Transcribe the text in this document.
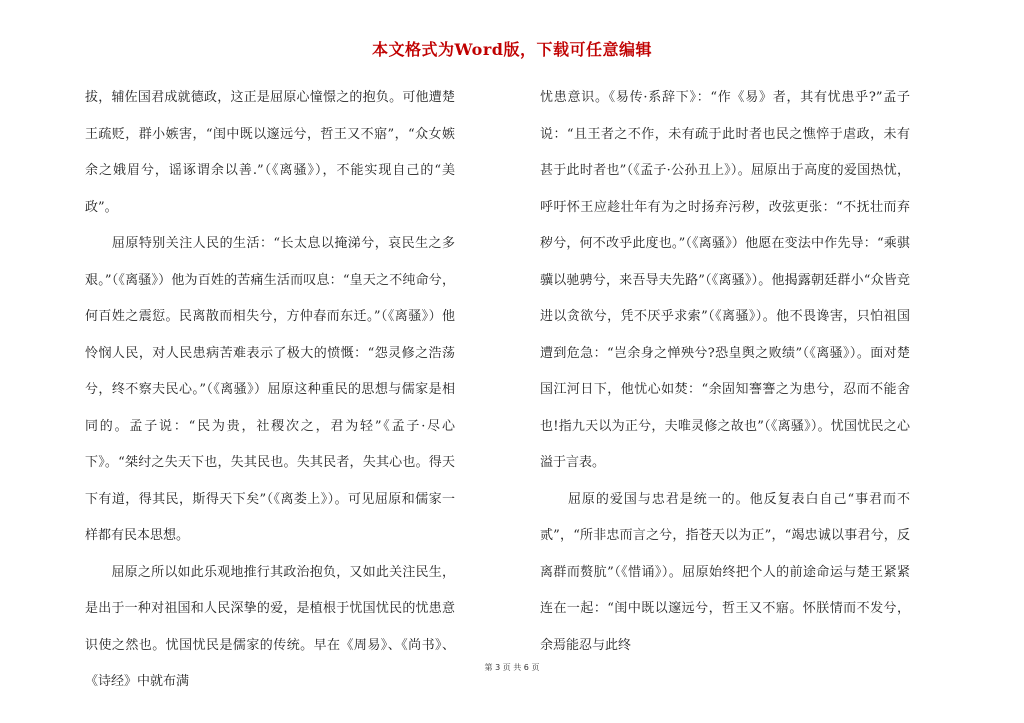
本文格式为Word版，下载可任意编辑

拔，辅佐国君成就德政，这正是屈原心憧憬之的抱负。可他遭楚王疏贬，群小嫉害，“闺中既以邃远兮，哲王又不寤”，“众女嫉余之娥眉兮，谣诼谓余以善.”（《离骚》），不能实现自己的“美政”。

　　屈原特别关注人民的生活：“长太息以掩涕兮，哀民生之多艰。”（《离骚》）他为百姓的苦痛生活而叹息：“皇天之不纯命兮，何百姓之震愆。民离散而相失兮，方仲春而东迁。”（《离骚》）他怜悯人民，对人民患病苦难表示了极大的愤慨：“怨灵修之浩荡兮，终不察夫民心。”（《离骚》）屈原这种重民的思想与儒家是相同的。孟子说：“民为贵，社稷次之，君为轻”《孟子·尽心下》。“桀纣之失天下也，失其民也。失其民者，失其心也。得天下有道，得其民，斯得天下矣”（《离娄上》）。可见屈原和儒家一样都有民本思想。

　　屈原之所以如此乐观地推行其政治抱负，又如此关注民生，是出于一种对祖国和人民深挚的爱，是植根于忧国忧民的忧患意识使之然也。忧国忧民是儒家的传统。早在《周易》、《尚书》、《诗经》中就布满

忧患意识。《易传·系辞下》：“作《易》者，其有忧患乎?”孟子说：“且王者之不作，未有疏于此时者也民之憔悴于虐政，未有甚于此时者也”（《孟子·公孙丑上》）。屈原出于高度的爱国热忧，呼吁怀王应趁壮年有为之时扬弃污秽，改弦更张：“不抚壮而弃秽兮，何不改乎此度也。”（《离骚》）他愿在变法中作先导：“乘骐骥以驰骋兮，来吾导夫先路”（《离骚》）。他揭露朝廷群小“众皆竞进以贪欲兮，凭不厌乎求索”（《离骚》）。他不畏谗害，只怕祖国遭到危急：“岂余身之惮殃兮?恐皇舆之败绩”（《离骚》）。面对楚国江河日下，他忧心如焚：“余固知謇謇之为患兮，忍而不能舍也!指九天以为正兮，夫唯灵修之故也”（《离骚》）。忧国忧民之心溢于言表。

　　屈原的爱国与忠君是统一的。他反复表白自己“事君而不贰”，“所非忠而言之兮，指苍天以为正”，“竭忠诚以事君兮，反离群而赘肮”（《惜诵》）。屈原始终把个人的前途命运与楚王紧紧连在一起：“闺中既以邃远兮，哲王又不寤。怀朕情而不发兮，余焉能忍与此终

第 3 页 共 6 页
